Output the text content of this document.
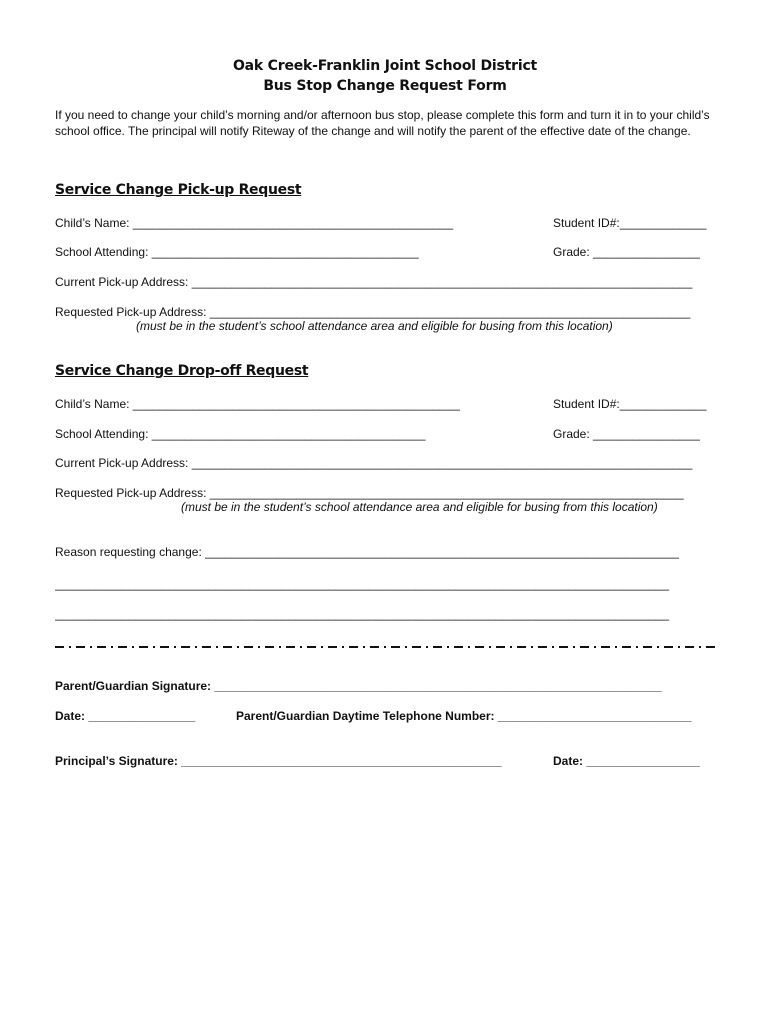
Oak Creek-Franklin Joint School District
Bus Stop Change Request Form
If you need to change your child’s morning and/or afternoon bus stop, please complete this form and turn it in to your child’s school office. The principal will notify Riteway of the change and will notify the parent of the effective date of the change.
Service Change Pick-up Request
Child’s Name: ________________________________________________	Student ID#:_____________
School Attending: ________________________________________	Grade: ________________
Current Pick-up Address: ___________________________________________________________________________
Requested Pick-up Address: ________________________________________________________________________
(must be in the student’s school attendance area and eligible for busing from this location)
Service Change Drop-off Request
Child’s Name: _________________________________________________	Student ID#:_____________
School Attending: _________________________________________	Grade: ________________
Current Pick-up Address: ___________________________________________________________________________
Requested Pick-up Address: _______________________________________________________________________
(must be in the student’s school attendance area and eligible for busing from this location)
Reason requesting change: _______________________________________________________________________
____________________________________________________________________________________________
____________________________________________________________________________________________
Parent/Guardian Signature: ___________________________________________________________________
Date: ________________	Parent/Guardian Daytime Telephone Number: _____________________________
Principal’s Signature: ________________________________________________	Date: _________________
